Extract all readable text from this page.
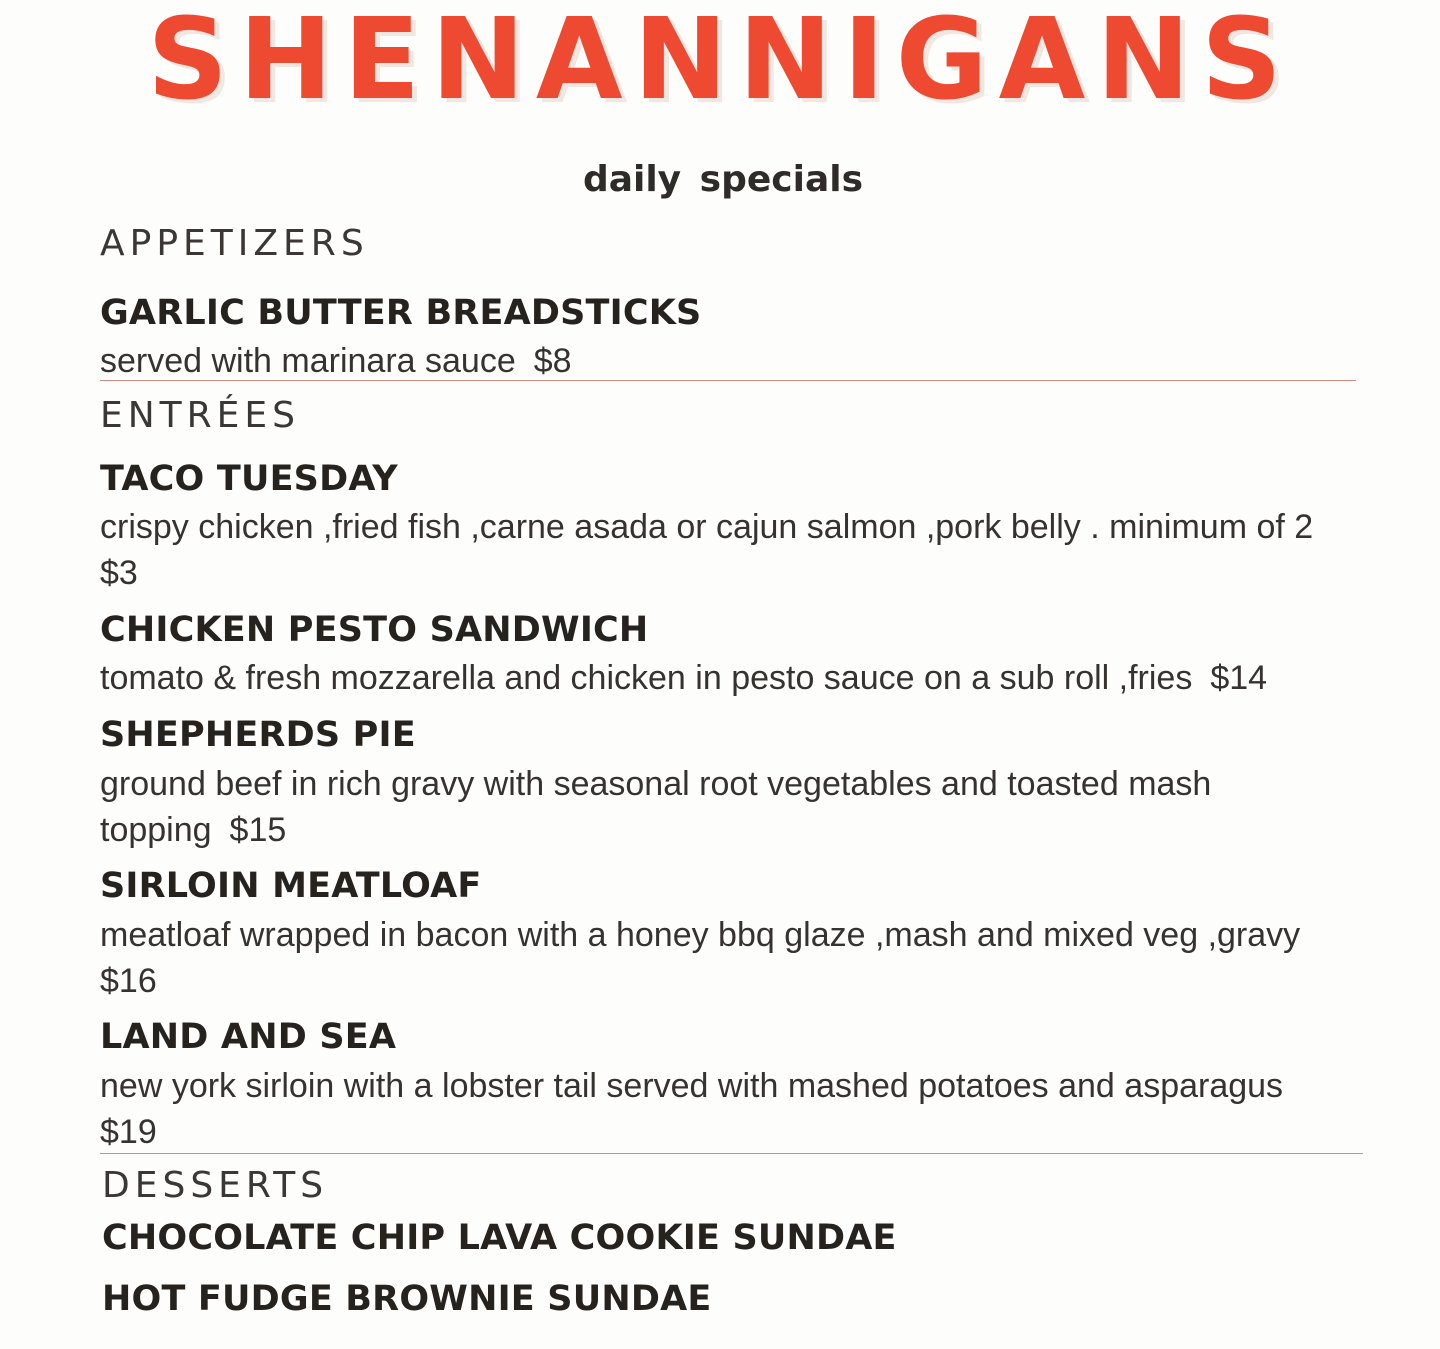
SHENANNIGANS
daily specials
APPETIZERS
GARLIC BUTTER BREADSTICKS
served with marinara sauce $8
ENTRÉES
TACO TUESDAY
crispy chicken ,fried fish ,carne asada or cajun salmon ,pork belly . minimum of 2
$3
CHICKEN PESTO SANDWICH
tomato & fresh mozzarella and chicken in pesto sauce on a sub roll ,fries $14
SHEPHERDS PIE
ground beef in rich gravy with seasonal root vegetables and toasted mash topping $15
SIRLOIN MEATLOAF
meatloaf wrapped in bacon with a honey bbq glaze ,mash and mixed veg ,gravy
$16
LAND AND SEA
new york sirloin with a lobster tail served with mashed potatoes and asparagus
$19
DESSERTS
CHOCOLATE CHIP LAVA COOKIE SUNDAE
HOT FUDGE BROWNIE SUNDAE
